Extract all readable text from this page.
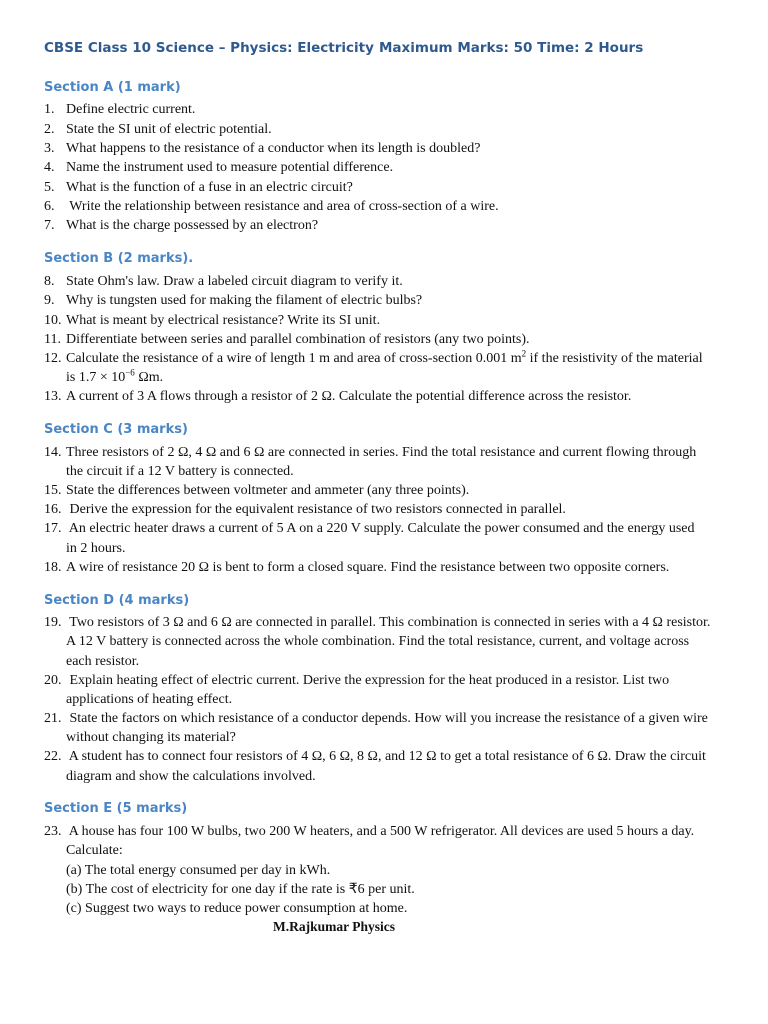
CBSE Class 10 Science – Physics: Electricity Maximum Marks: 50 Time: 2 Hours
Section A (1 mark)
1. Define electric current.
2. State the SI unit of electric potential.
3. What happens to the resistance of a conductor when its length is doubled?
4. Name the instrument used to measure potential difference.
5. What is the function of a fuse in an electric circuit?
6. Write the relationship between resistance and area of cross-section of a wire.
7. What is the charge possessed by an electron?
Section B (2 marks).
8. State Ohm's law. Draw a labeled circuit diagram to verify it.
9. Why is tungsten used for making the filament of electric bulbs?
10. What is meant by electrical resistance? Write its SI unit.
11. Differentiate between series and parallel combination of resistors (any two points).
12. Calculate the resistance of a wire of length 1 m and area of cross-section 0.001 $m^2$ if the resistivity of the material
is $1.7 \times 10^{-6}$ Ωm.
13. A current of 3 A flows through a resistor of 2 Ω. Calculate the potential difference across the resistor.
Section C (3 marks)
14. Three resistors of 2 Ω, 4 Ω and 6 Ω are connected in series. Find the total resistance and current flowing through
the circuit if a 12 V battery is connected.
15. State the differences between voltmeter and ammeter (any three points).
16. Derive the expression for the equivalent resistance of two resistors connected in parallel.
17. An electric heater draws a current of 5 A on a 220 V supply. Calculate the power consumed and the energy used
in 2 hours.
18. A wire of resistance 20 Ω is bent to form a closed square. Find the resistance between two opposite corners.
Section D (4 marks)
19. Two resistors of 3 Ω and 6 Ω are connected in parallel. This combination is connected in series with a 4 Ω resistor.
A 12 V battery is connected across the whole combination. Find the total resistance, current, and voltage across
each resistor.
20. Explain heating effect of electric current. Derive the expression for the heat produced in a resistor. List two
applications of heating effect.
21. State the factors on which resistance of a conductor depends. How will you increase the resistance of a given wire
without changing its material?
22. A student has to connect four resistors of 4 Ω, 6 Ω, 8 Ω, and 12 Ω to get a total resistance of 6 Ω. Draw the circuit
diagram and show the calculations involved.
Section E (5 marks)
23. A house has four 100 W bulbs, two 200 W heaters, and a 500 W refrigerator. All devices are used 5 hours a day.
Calculate:
(a) The total energy consumed per day in kWh.
(b) The cost of electricity for one day if the rate is ₹6 per unit.
(c) Suggest two ways to reduce power consumption at home.
M.Rajkumar Physics
